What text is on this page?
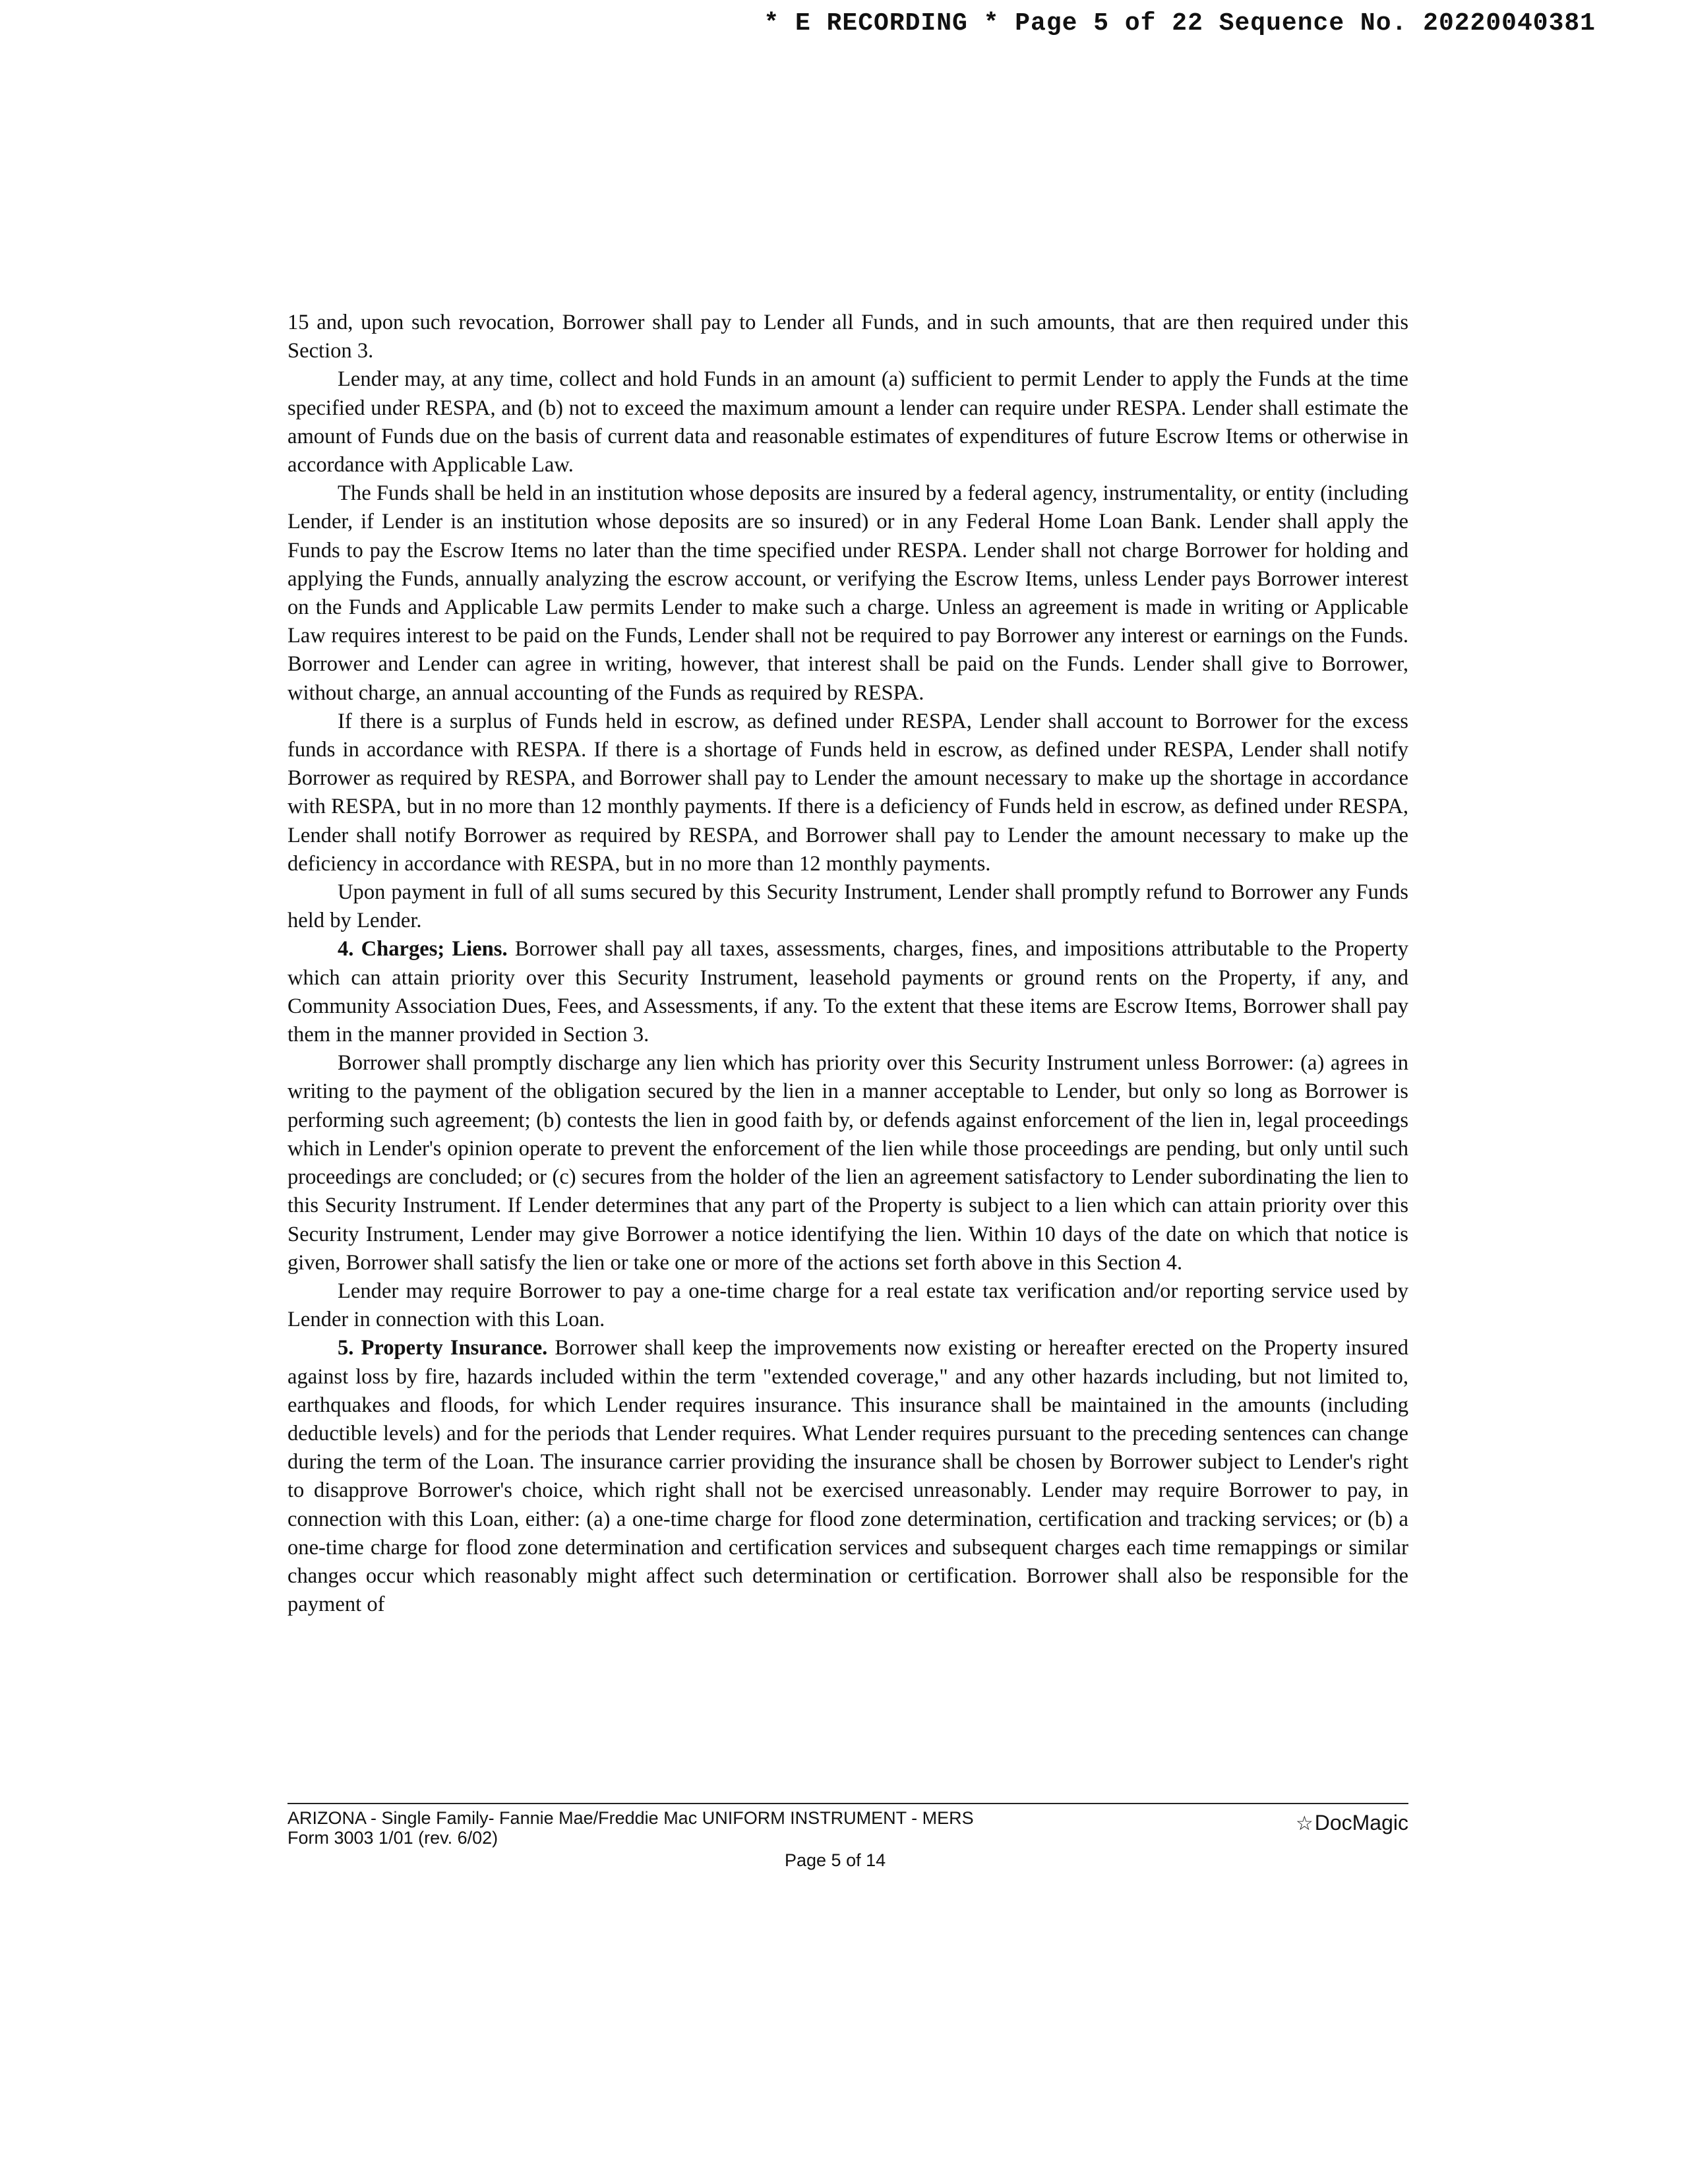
* E RECORDING * Page 5 of 22 Sequence No. 20220040381

15 and, upon such revocation, Borrower shall pay to Lender all Funds, and in such amounts, that are then required under this Section 3.

Lender may, at any time, collect and hold Funds in an amount (a) sufficient to permit Lender to apply the Funds at the time specified under RESPA, and (b) not to exceed the maximum amount a lender can require under RESPA. Lender shall estimate the amount of Funds due on the basis of current data and reasonable estimates of expenditures of future Escrow Items or otherwise in accordance with Applicable Law.

The Funds shall be held in an institution whose deposits are insured by a federal agency, instrumentality, or entity (including Lender, if Lender is an institution whose deposits are so insured) or in any Federal Home Loan Bank. Lender shall apply the Funds to pay the Escrow Items no later than the time specified under RESPA. Lender shall not charge Borrower for holding and applying the Funds, annually analyzing the escrow account, or verifying the Escrow Items, unless Lender pays Borrower interest on the Funds and Applicable Law permits Lender to make such a charge. Unless an agreement is made in writing or Applicable Law requires interest to be paid on the Funds, Lender shall not be required to pay Borrower any interest or earnings on the Funds. Borrower and Lender can agree in writing, however, that interest shall be paid on the Funds. Lender shall give to Borrower, without charge, an annual accounting of the Funds as required by RESPA.

If there is a surplus of Funds held in escrow, as defined under RESPA, Lender shall account to Borrower for the excess funds in accordance with RESPA. If there is a shortage of Funds held in escrow, as defined under RESPA, Lender shall notify Borrower as required by RESPA, and Borrower shall pay to Lender the amount necessary to make up the shortage in accordance with RESPA, but in no more than 12 monthly payments. If there is a deficiency of Funds held in escrow, as defined under RESPA, Lender shall notify Borrower as required by RESPA, and Borrower shall pay to Lender the amount necessary to make up the deficiency in accordance with RESPA, but in no more than 12 monthly payments.

Upon payment in full of all sums secured by this Security Instrument, Lender shall promptly refund to Borrower any Funds held by Lender.

4. Charges; Liens. Borrower shall pay all taxes, assessments, charges, fines, and impositions attributable to the Property which can attain priority over this Security Instrument, leasehold payments or ground rents on the Property, if any, and Community Association Dues, Fees, and Assessments, if any. To the extent that these items are Escrow Items, Borrower shall pay them in the manner provided in Section 3.

Borrower shall promptly discharge any lien which has priority over this Security Instrument unless Borrower: (a) agrees in writing to the payment of the obligation secured by the lien in a manner acceptable to Lender, but only so long as Borrower is performing such agreement; (b) contests the lien in good faith by, or defends against enforcement of the lien in, legal proceedings which in Lender's opinion operate to prevent the enforcement of the lien while those proceedings are pending, but only until such proceedings are concluded; or (c) secures from the holder of the lien an agreement satisfactory to Lender subordinating the lien to this Security Instrument. If Lender determines that any part of the Property is subject to a lien which can attain priority over this Security Instrument, Lender may give Borrower a notice identifying the lien. Within 10 days of the date on which that notice is given, Borrower shall satisfy the lien or take one or more of the actions set forth above in this Section 4.

Lender may require Borrower to pay a one-time charge for a real estate tax verification and/or reporting service used by Lender in connection with this Loan.

5. Property Insurance. Borrower shall keep the improvements now existing or hereafter erected on the Property insured against loss by fire, hazards included within the term "extended coverage," and any other hazards including, but not limited to, earthquakes and floods, for which Lender requires insurance. This insurance shall be maintained in the amounts (including deductible levels) and for the periods that Lender requires. What Lender requires pursuant to the preceding sentences can change during the term of the Loan. The insurance carrier providing the insurance shall be chosen by Borrower subject to Lender's right to disapprove Borrower's choice, which right shall not be exercised unreasonably. Lender may require Borrower to pay, in connection with this Loan, either: (a) a one-time charge for flood zone determination, certification and tracking services; or (b) a one-time charge for flood zone determination and certification services and subsequent charges each time remappings or similar changes occur which reasonably might affect such determination or certification. Borrower shall also be responsible for the payment of

ARIZONA - Single Family- Fannie Mae/Freddie Mac UNIFORM INSTRUMENT - MERS
Form 3003 1/01 (rev. 6/02)
☆DocMagic
Page 5 of 14
